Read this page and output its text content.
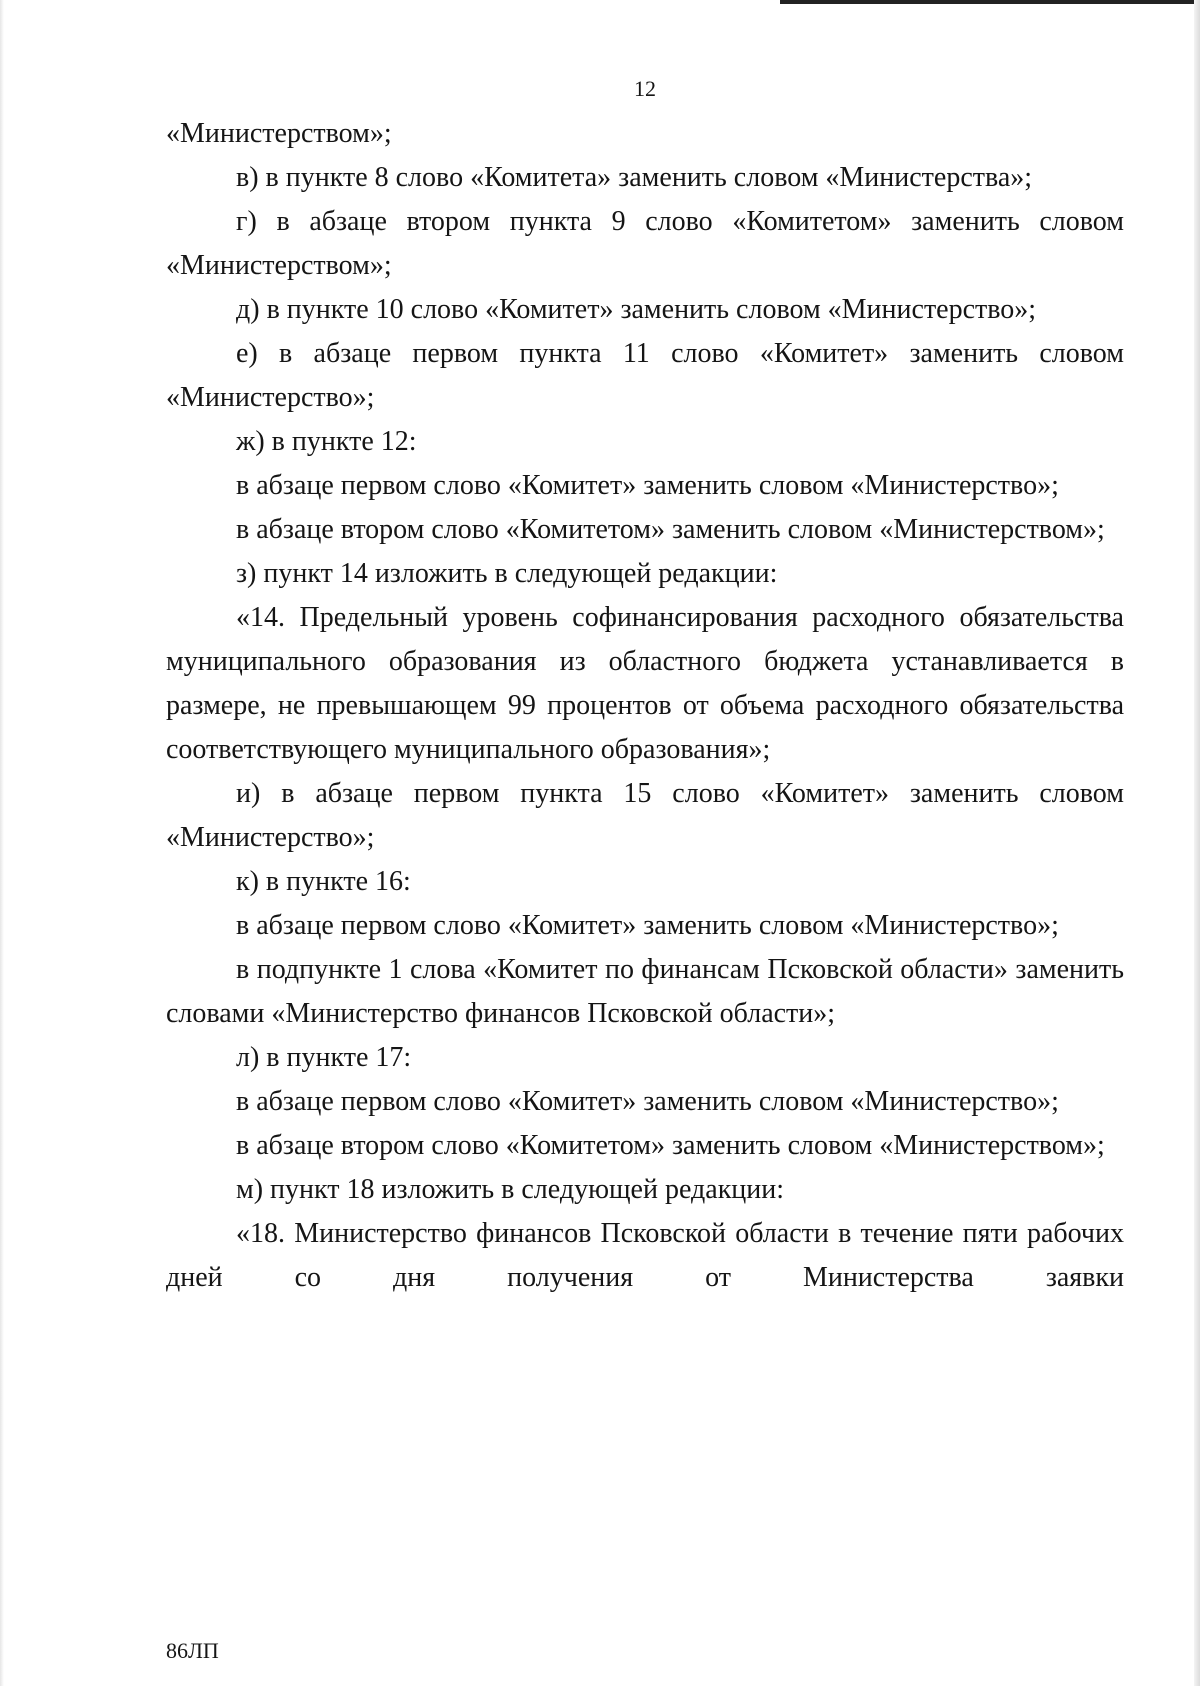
12

«Министерством»;

в) в пункте 8 слово «Комитета» заменить словом «Министерства»;

г) в абзаце втором пункта 9 слово «Комитетом» заменить словом «Министерством»;

д) в пункте 10 слово «Комитет» заменить словом «Министерство»;

е) в абзаце первом пункта 11 слово «Комитет» заменить словом «Министерство»;

ж) в пункте 12:

в абзаце первом слово «Комитет» заменить словом «Министерство»;

в абзаце втором слово «Комитетом» заменить словом «Министерством»;

з) пункт 14 изложить в следующей редакции:

«14. Предельный уровень софинансирования расходного обязательства муниципального образования из областного бюджета устанавливается в размере, не превышающем 99 процентов от объема расходного обязательства соответствующего муниципального образования»;

и) в абзаце первом пункта 15 слово «Комитет» заменить словом «Министерство»;

к) в пункте 16:

в абзаце первом слово «Комитет» заменить словом «Министерство»;

в подпункте 1 слова «Комитет по финансам Псковской области» заменить словами «Министерство финансов Псковской области»;

л) в пункте 17:

в абзаце первом слово «Комитет» заменить словом «Министерство»;

в абзаце втором слово «Комитетом» заменить словом «Министерством»;

м) пункт 18 изложить в следующей редакции:

«18. Министерство финансов Псковской области в течение пяти рабочих дней со дня получения от Министерства заявки

86ЛП
